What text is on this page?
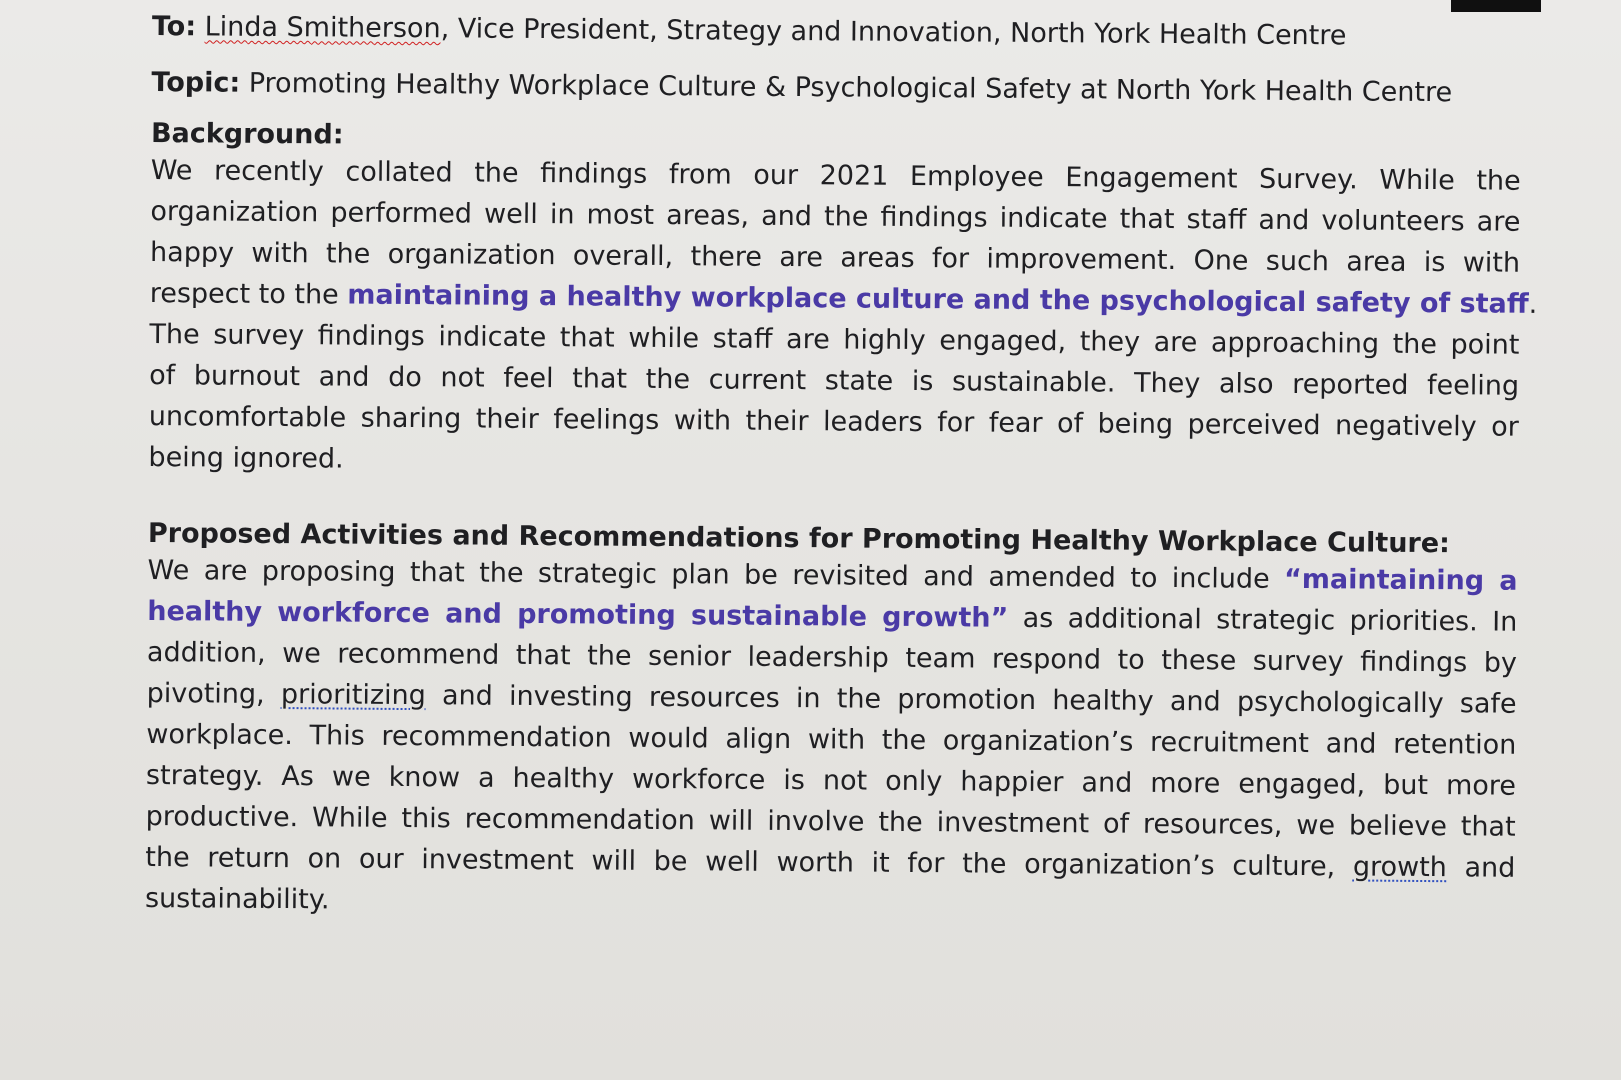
To: Linda Smitherson, Vice President, Strategy and Innovation, North York Health Centre

Topic: Promoting Healthy Workplace Culture & Psychological Safety at North York Health Centre

Background:

We recently collated the findings from our 2021 Employee Engagement Survey. While the
organization performed well in most areas, and the findings indicate that staff and volunteers are
happy with the organization overall, there are areas for improvement. One such area is with
respect to the maintaining a healthy workplace culture and the psychological safety of staff.
The survey findings indicate that while staff are highly engaged, they are approaching the point
of burnout and do not feel that the current state is sustainable. They also reported feeling
uncomfortable sharing their feelings with their leaders for fear of being perceived negatively or
being ignored.

Proposed Activities and Recommendations for Promoting Healthy Workplace Culture:

We are proposing that the strategic plan be revisited and amended to include “maintaining a
healthy workforce and promoting sustainable growth” as additional strategic priorities. In
addition, we recommend that the senior leadership team respond to these survey findings by
pivoting, prioritizing and investing resources in the promotion healthy and psychologically safe
workplace. This recommendation would align with the organization’s recruitment and retention
strategy. As we know a healthy workforce is not only happier and more engaged, but more
productive. While this recommendation will involve the investment of resources, we believe that
the return on our investment will be well worth it for the organization’s culture, growth and
sustainability.
